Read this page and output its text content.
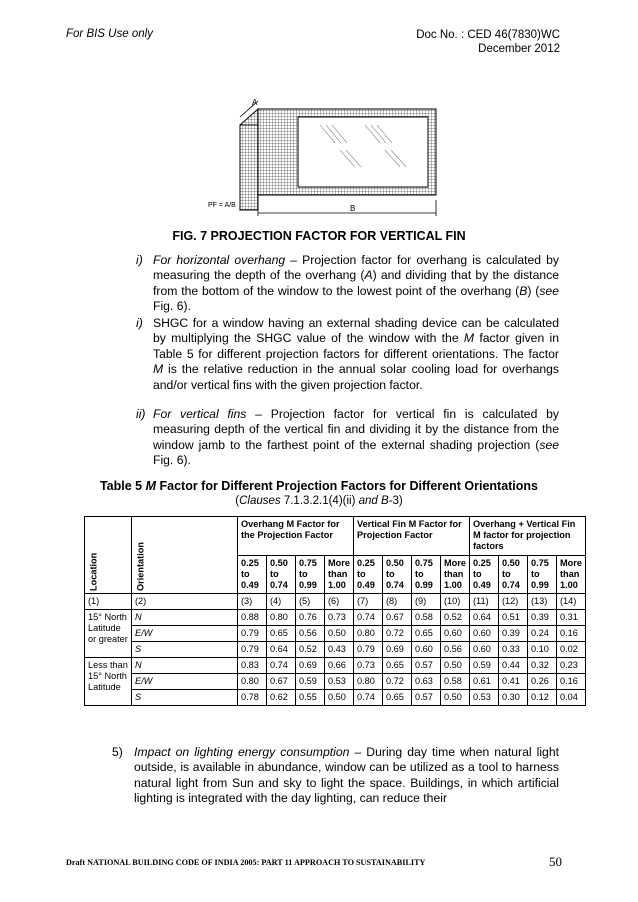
For BIS Use only	Doc No. : CED 46(7830)WC
December 2012
A
B
PF = A/B
FIG. 7 PROJECTION FACTOR FOR VERTICAL FIN
i) For horizontal overhang – Projection factor for overhang is calculated by measuring the depth of the overhang (A) and dividing that by the distance from the bottom of the window to the lowest point of the overhang (B) (see Fig. 6).
i) SHGC for a window having an external shading device can be calculated by multiplying the SHGC value of the window with the M factor given in Table 5 for different projection factors for different orientations. The factor M is the relative reduction in the annual solar cooling load for overhangs and/or vertical fins with the given projection factor.
ii) For vertical fins – Projection factor for vertical fin is calculated by measuring depth of the vertical fin and dividing it by the distance from the window jamb to the farthest point of the external shading projection (see Fig. 6).
Table 5 M Factor for Different Projection Factors for Different Orientations
(Clauses 7.1.3.2.1(4)(ii) and B-3)
Location	Orientation	Overhang M Factor for the Projection Factor				Vertical Fin M Factor for Projection Factor				Overhang + Vertical Fin M factor for projection factors			
		0.25 to 0.49	0.50 to 0.74	0.75 to 0.99	More than 1.00	0.25 to 0.49	0.50 to 0.74	0.75 to 0.99	More than 1.00	0.25 to 0.49	0.50 to 0.74	0.75 to 0.99	More than 1.00
(1)	(2)	(3)	(4)	(5)	(6)	(7)	(8)	(9)	(10)	(11)	(12)	(13)	(14)
15° North Latitude or greater	N	0.88	0.80	0.76	0.73	0.74	0.67	0.58	0.52	0.64	0.51	0.39	0.31
	E/W	0.79	0.65	0.56	0.50	0.80	0.72	0.65	0.60	0.60	0.39	0.24	0.16
	S	0.79	0.64	0.52	0.43	0.79	0.69	0.60	0.56	0.60	0.33	0.10	0.02
Less than 15° North Latitude	N	0.83	0.74	0.69	0.66	0.73	0.65	0.57	0.50	0.59	0.44	0.32	0.23
	E/W	0.80	0.67	0.59	0.53	0.80	0.72	0.63	0.58	0.61	0.41	0.26	0.16
	S	0.78	0.62	0.55	0.50	0.74	0.65	0.57	0.50	0.53	0.30	0.12	0.04
5) Impact on lighting energy consumption – During day time when natural light outside, is available in abundance, window can be utilized as a tool to harness natural light from Sun and sky to light the space. Buildings, in which artificial lighting is integrated with the day lighting, can reduce their
Draft NATIONAL BUILDING CODE OF INDIA 2005: PART 11 APPROACH TO SUSTAINABILITY	50
